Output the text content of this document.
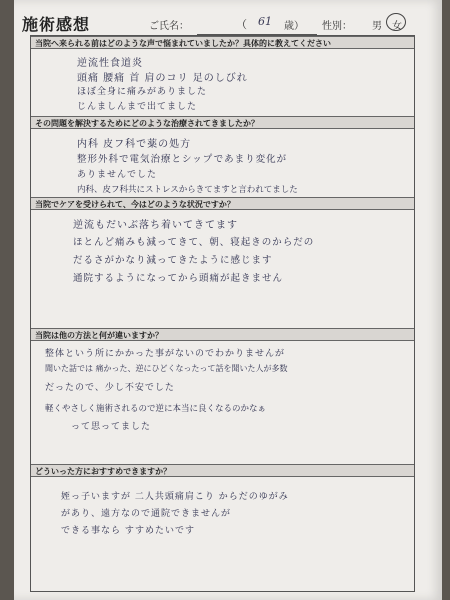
施術感想	ご氏名：	（ 61 歳） 性別： 男 女
当院へ来られる前はどのような声で悩まれていましたか？具体的に教えてください
逆流性食道炎
頭痛 腰痛 首 肩のコリ 足のしびれ
ほぼ全身に痛みがありました
じんましんまで出てました
その問題を解決するためにどのような治療されてきましたか？
内科 皮フ科で薬の処方
整形外科で電気治療とシップであまり変化が
ありませんでした
内科、皮フ科共にストレスからきてますと言われてました
当院でケアを受けられて、今はどのような状況ですか？
逆流もだいぶ落ち着いてきてます
ほとんど痛みも減ってきて、朝、寝起きのからだの
だるさがかなり減ってきたように感じます
通院するようになってから頭痛が起きません
当院は他の方法と何が違いますか？
整体という所にかかった事がないのでわかりませんが
聞いた話では 痛かった、逆にひどくなったって話を聞いた人が多数
だったので、少し不安でした
軽くやさしく施術されるので逆に本当に良くなるのかなぁ
って思ってました
どういった方におすすめできますか？
姪っ子いますが 二人共頭痛肩こり からだのゆがみ
があり、遠方なので通院できませんが
できる事なら すすめたいです
